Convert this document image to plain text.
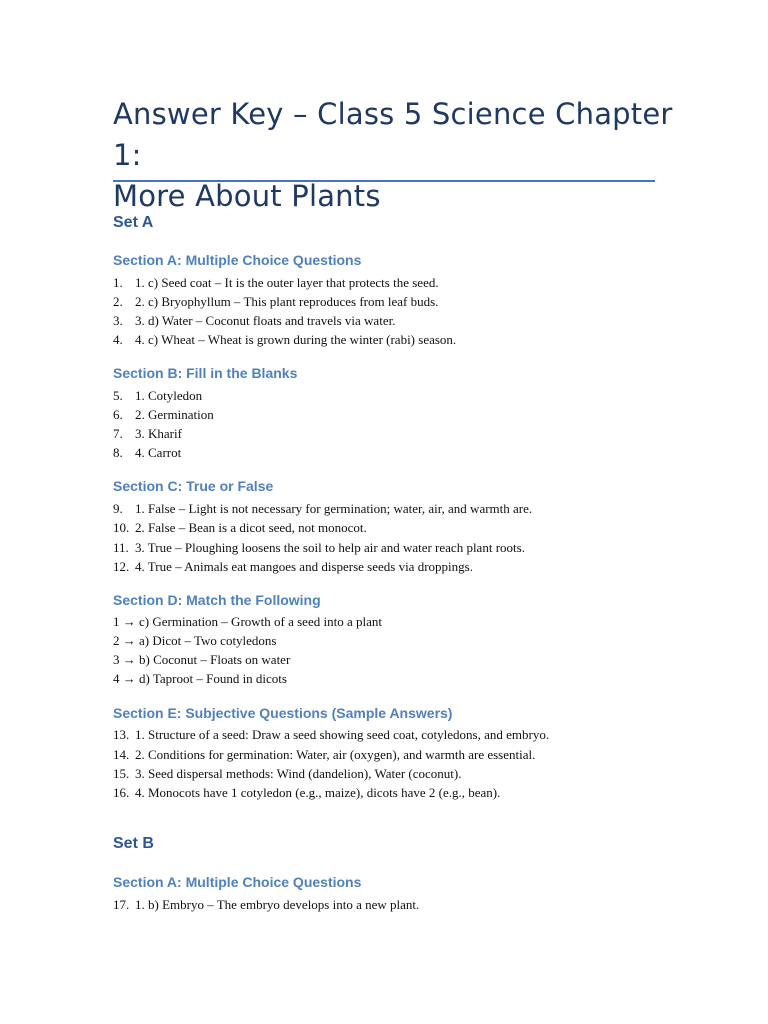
Answer Key – Class 5 Science Chapter 1:
More About Plants
Set A
Section A: Multiple Choice Questions
1. 1. c) Seed coat – It is the outer layer that protects the seed.
2. 2. c) Bryophyllum – This plant reproduces from leaf buds.
3. 3. d) Water – Coconut floats and travels via water.
4. 4. c) Wheat – Wheat is grown during the winter (rabi) season.
Section B: Fill in the Blanks
5. 1. Cotyledon
6. 2. Germination
7. 3. Kharif
8. 4. Carrot
Section C: True or False
9. 1. False – Light is not necessary for germination; water, air, and warmth are.
10. 2. False – Bean is a dicot seed, not monocot.
11. 3. True – Ploughing loosens the soil to help air and water reach plant roots.
12. 4. True – Animals eat mangoes and disperse seeds via droppings.
Section D: Match the Following
1 → c) Germination – Growth of a seed into a plant
2 → a) Dicot – Two cotyledons
3 → b) Coconut – Floats on water
4 → d) Taproot – Found in dicots
Section E: Subjective Questions (Sample Answers)
13. 1. Structure of a seed: Draw a seed showing seed coat, cotyledons, and embryo.
14. 2. Conditions for germination: Water, air (oxygen), and warmth are essential.
15. 3. Seed dispersal methods: Wind (dandelion), Water (coconut).
16. 4. Monocots have 1 cotyledon (e.g., maize), dicots have 2 (e.g., bean).
Set B
Section A: Multiple Choice Questions
17. 1. b) Embryo – The embryo develops into a new plant.
